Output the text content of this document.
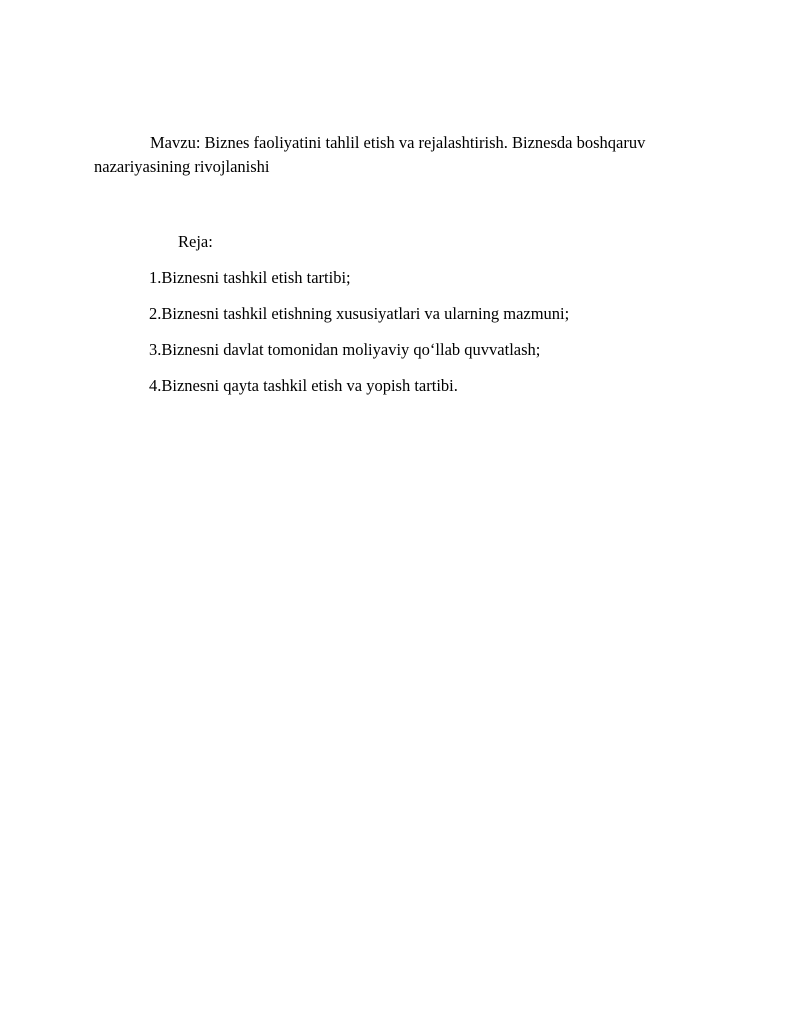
Mavzu: Biznes faoliyatini tahlil etish va rejalashtirish. Biznesda boshqaruv nazariyasining rivojlanishi

Reja:

1.Biznesni tashkil etish tartibi;
2.Biznesni tashkil etishning xususiyatlari va ularning mazmuni;
3.Biznesni davlat tomonidan moliyaviy qo‘llab quvvatlash;
4.Biznesni qayta tashkil etish va yopish tartibi.
